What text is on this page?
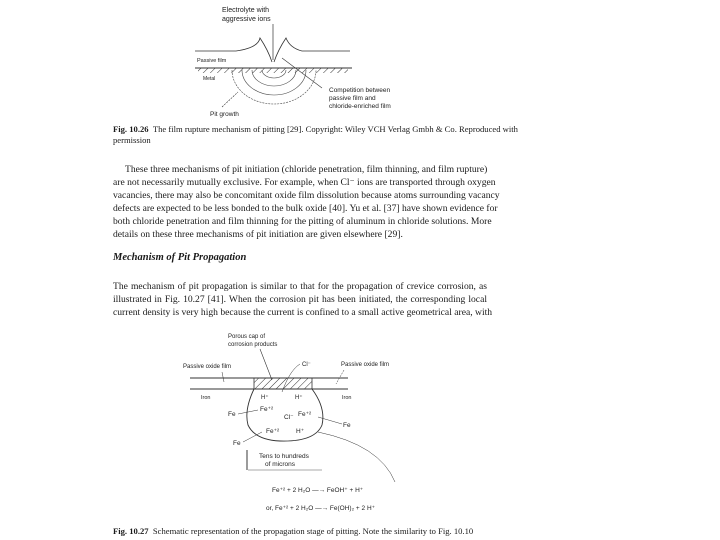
Electrolyte with
aggressive ions
Passive film
Metal
Competition between
passive film and
chloride-enriched film
Pit growth
Porous cap of
corrosion products
Passive oxide film	Passive oxide film
Cl⁻
Iron	Iron
H⁺	H⁺
Fe⁺²
Fe⁺²
Cl⁻
Fe⁺²	H⁺
Fe
Fe
Fe
Tens to hundreds
of microns
Fe⁺² + 2 H₂O —→ FeOH⁺ + H⁺
or, Fe⁺² + 2 H₂O —→ Fe(OH)₂ + 2 H⁺
Fig. 10.26 The film rupture mechanism of pitting [29]. Copyright: Wiley VCH Verlag Gmbh & Co. Reproduced with
permission
These three mechanisms of pit initiation (chloride penetration, film thinning, and film rupture)
are not necessarily mutually exclusive. For example, when Cl⁻ ions are transported through oxygen
vacancies, there may also be concomitant oxide film dissolution because atoms surrounding vacancy
defects are expected to be less bonded to the bulk oxide [40]. Yu et al. [37] have shown evidence for
both chloride penetration and film thinning for the pitting of aluminum in chloride solutions. More
details on these three mechanisms of pit initiation are given elsewhere [29].
Mechanism of Pit Propagation
The mechanism of pit propagation is similar to that for the propagation of crevice corrosion, as
illustrated in Fig. 10.27 [41]. When the corrosion pit has been initiated, the corresponding local
current density is very high because the current is confined to a small active geometrical area, with
Fig. 10.27 Schematic representation of the propagation stage of pitting. Note the similarity to Fig. 10.10
